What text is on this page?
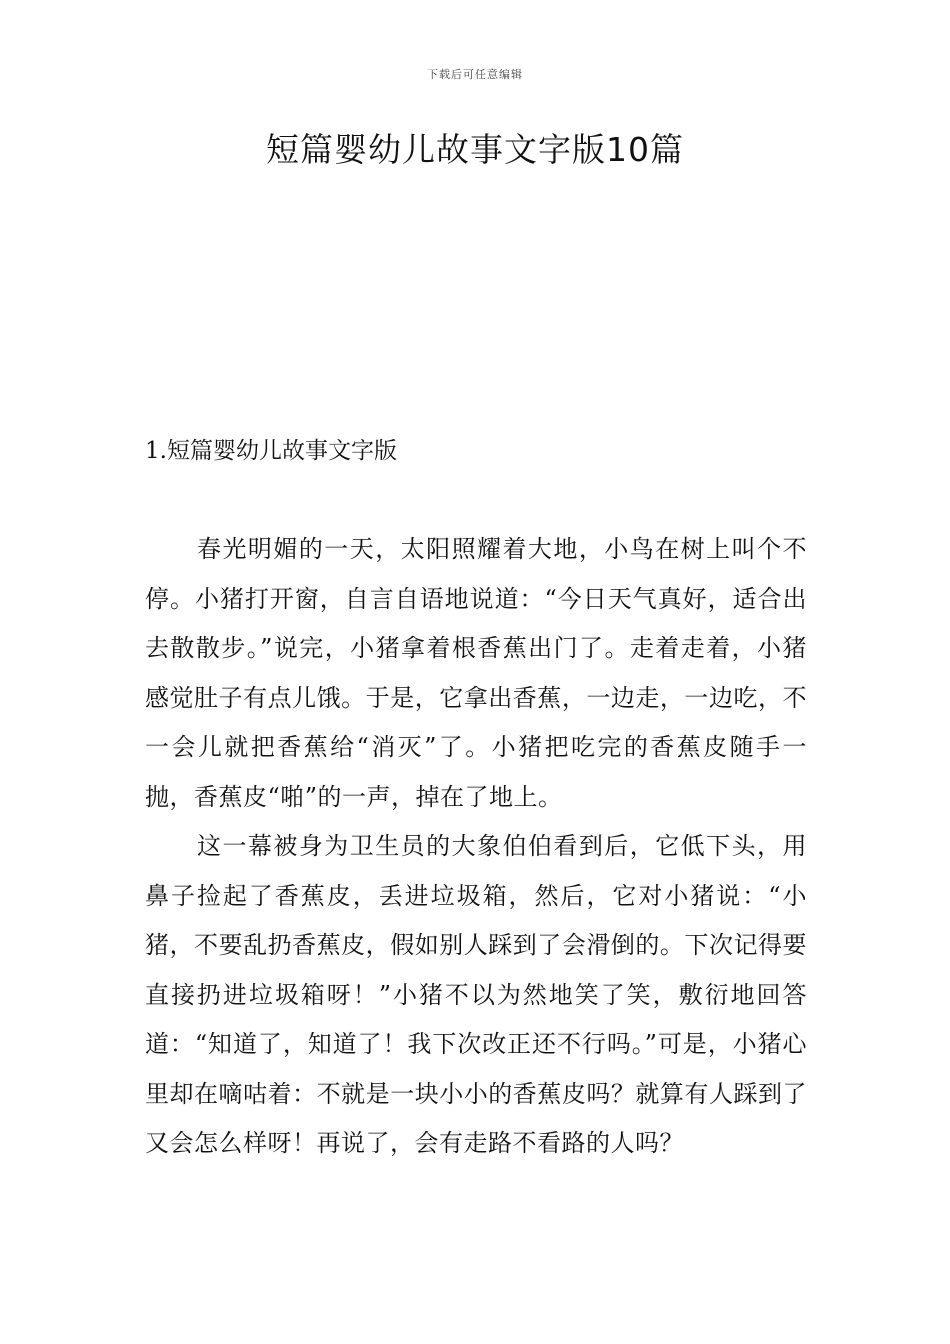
下载后可任意编辑
短篇婴幼儿故事文字版10篇
1.短篇婴幼儿故事文字版

春光明媚的一天，太阳照耀着大地，小鸟在树上叫个不停。小猪打开窗，自言自语地说道：“今日天气真好，适合出去散散步。”说完，小猪拿着根香蕉出门了。走着走着，小猪感觉肚子有点儿饿。于是，它拿出香蕉，一边走，一边吃，不一会儿就把香蕉给“消灭”了。小猪把吃完的香蕉皮随手一抛，香蕉皮“啪”的一声，掉在了地上。

这一幕被身为卫生员的大象伯伯看到后，它低下头，用鼻子捡起了香蕉皮，丢进垃圾箱，然后，它对小猪说：“小猪，不要乱扔香蕉皮，假如别人踩到了会滑倒的。下次记得要直接扔进垃圾箱呀！”小猪不以为然地笑了笑，敷衍地回答道：“知道了，知道了！我下次改正还不行吗。”可是，小猪心里却在嘀咕着：不就是一块小小的香蕉皮吗？就算有人踩到了又会怎么样呀！再说了，会有走路不看路的人吗？
